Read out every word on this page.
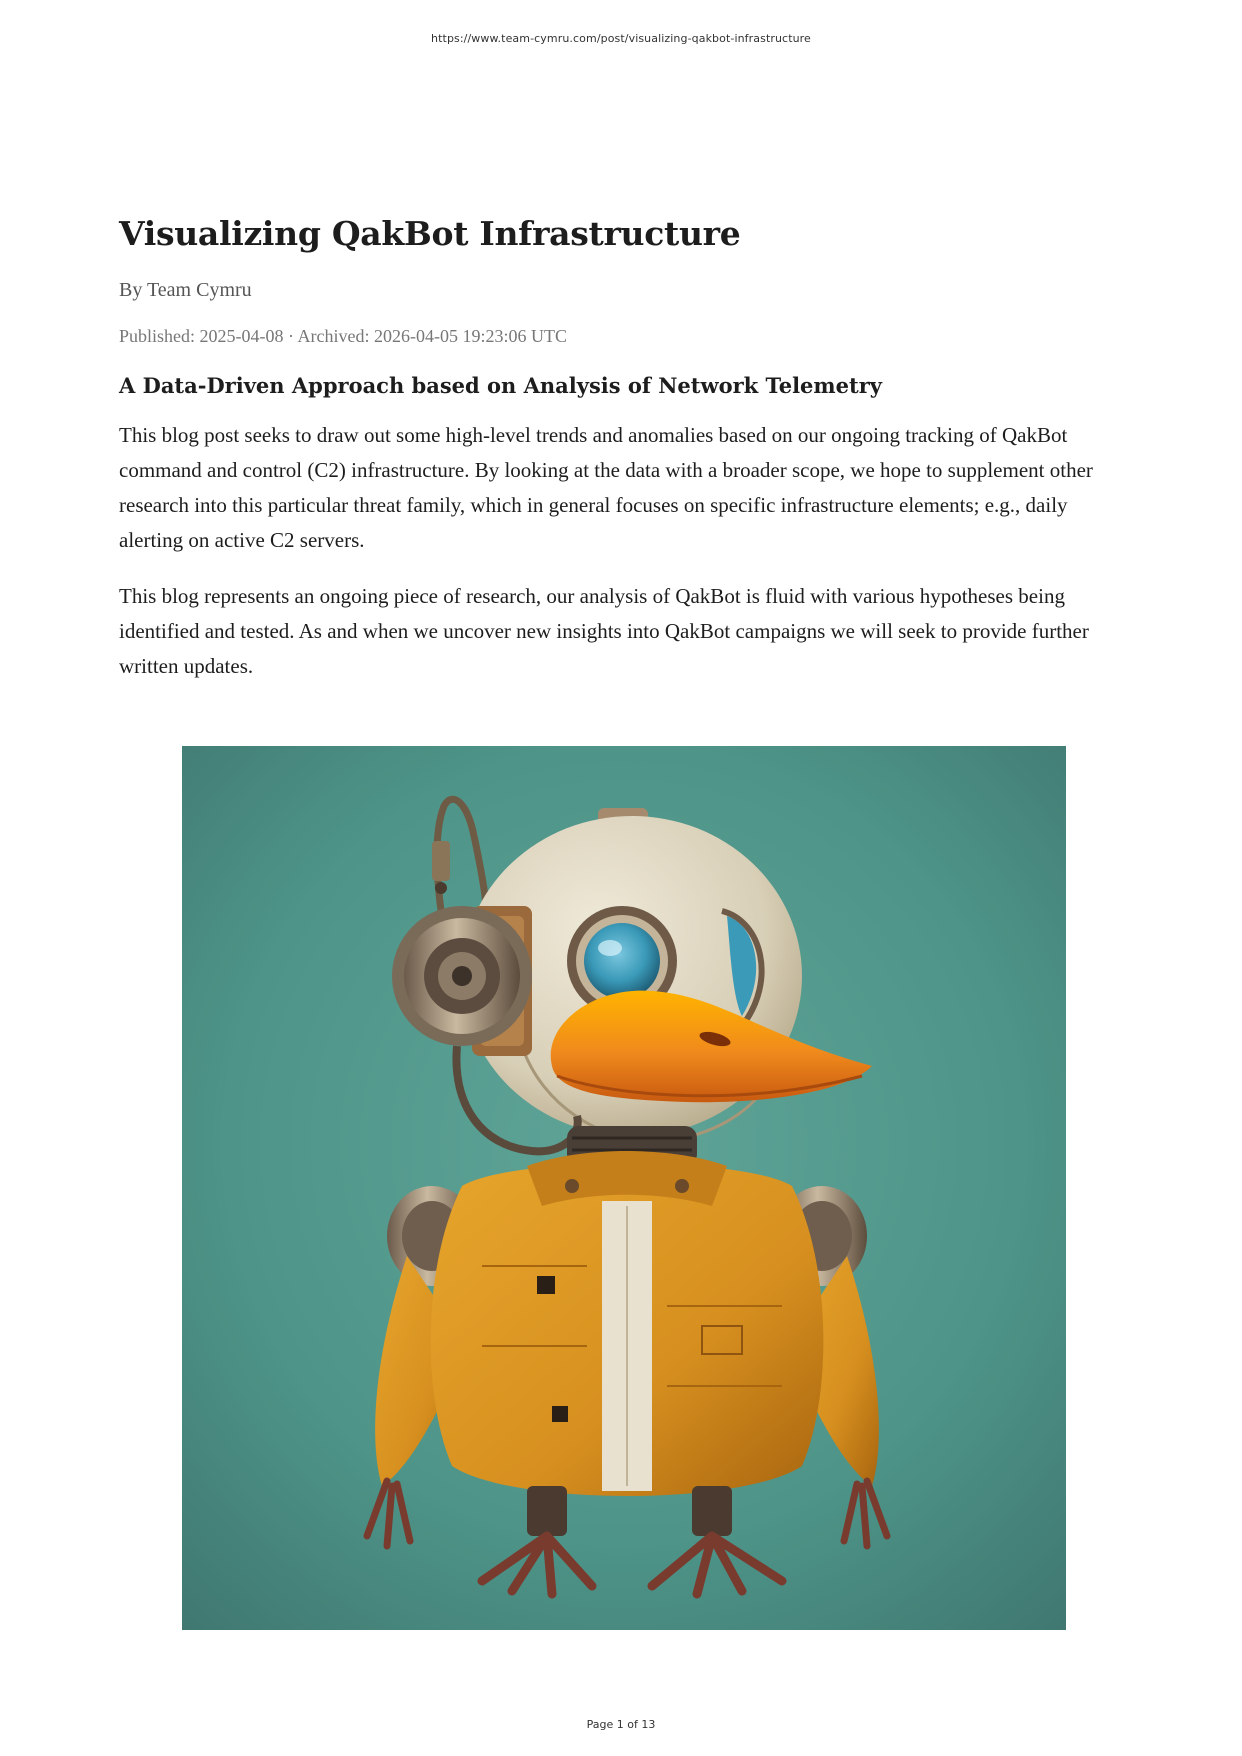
https://www.team-cymru.com/post/visualizing-qakbot-infrastructure
Visualizing QakBot Infrastructure
By Team Cymru
Published: 2025-04-08 · Archived: 2026-04-05 19:23:06 UTC
A Data-Driven Approach based on Analysis of Network Telemetry

This blog post seeks to draw out some high-level trends and anomalies based on our ongoing tracking of QakBot command and control (C2) infrastructure. By looking at the data with a broader scope, we hope to supplement other research into this particular threat family, which in general focuses on specific infrastructure elements; e.g., daily alerting on active C2 servers.

This blog represents an ongoing piece of research, our analysis of QakBot is fluid with various hypotheses being identified and tested. As and when we uncover new insights into QakBot campaigns we will seek to provide further written updates.

Page 1 of 13
